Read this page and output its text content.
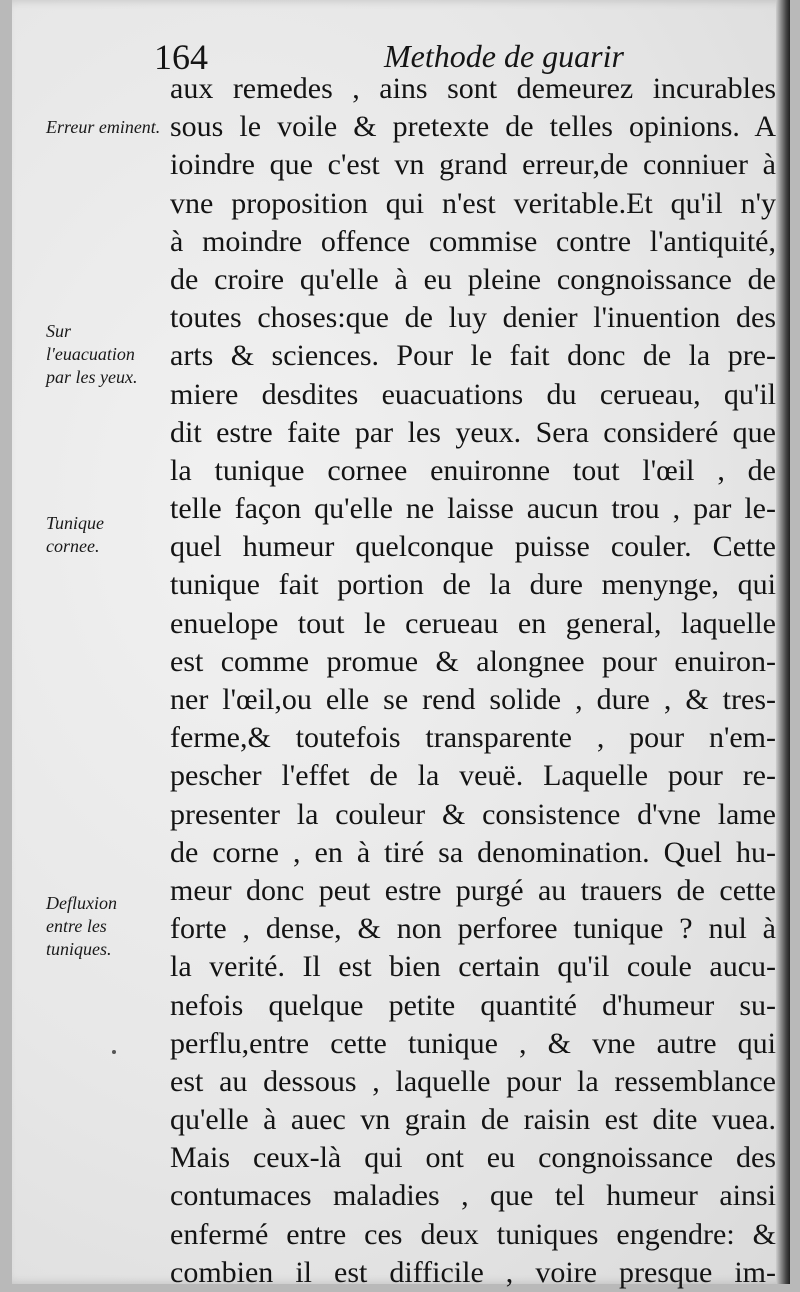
164	Methode de guarir
Erreur eminent.
Sur l'euacuation par les yeux.
Tunique cornee.
Defluxion entre les tuniques.
aux remedes , ains sont demeurez incurables
sous le voile & pretexte de telles opinions. A
ioindre que c'est vn grand erreur,de conniuer à
vne proposition qui n'est veritable.Et qu'il n'y
à moindre offence commise contre l'antiquité,
de croire qu'elle à eu pleine congnoissance de
toutes choses:que de luy denier l'inuention des
arts & sciences. Pour le fait donc de la pre-
miere desdites euacuations du cerueau, qu'il
dit estre faite par les yeux. Sera consideré que
la tunique cornee enuironne tout l'œil , de
telle façon qu'elle ne laisse aucun trou , par le-
quel humeur quelconque puisse couler. Cette
tunique fait portion de la dure menynge, qui
enuelope tout le cerueau en general, laquelle
est comme promue & alongnee pour enuiron-
ner l'œil,ou elle se rend solide , dure , & tres-
ferme,& toutefois transparente , pour n'em-
pescher l'effet de la veuë. Laquelle pour re-
presenter la couleur & consistence d'vne lame
de corne , en à tiré sa denomination. Quel hu-
meur donc peut estre purgé au trauers de cette
forte , dense, & non perforee tunique ? nul à
la verité. Il est bien certain qu'il coule aucu-
nefois quelque petite quantité d'humeur su-
perflu,entre cette tunique , & vne autre qui
est au dessous , laquelle pour la ressemblance
qu'elle à auec vn grain de raisin est dite vuea.
Mais ceux-là qui ont eu congnoissance des
contumaces maladies , que tel humeur ainsi
enfermé entre ces deux tuniques engendre: &
combien il est difficile , voire presque im-
